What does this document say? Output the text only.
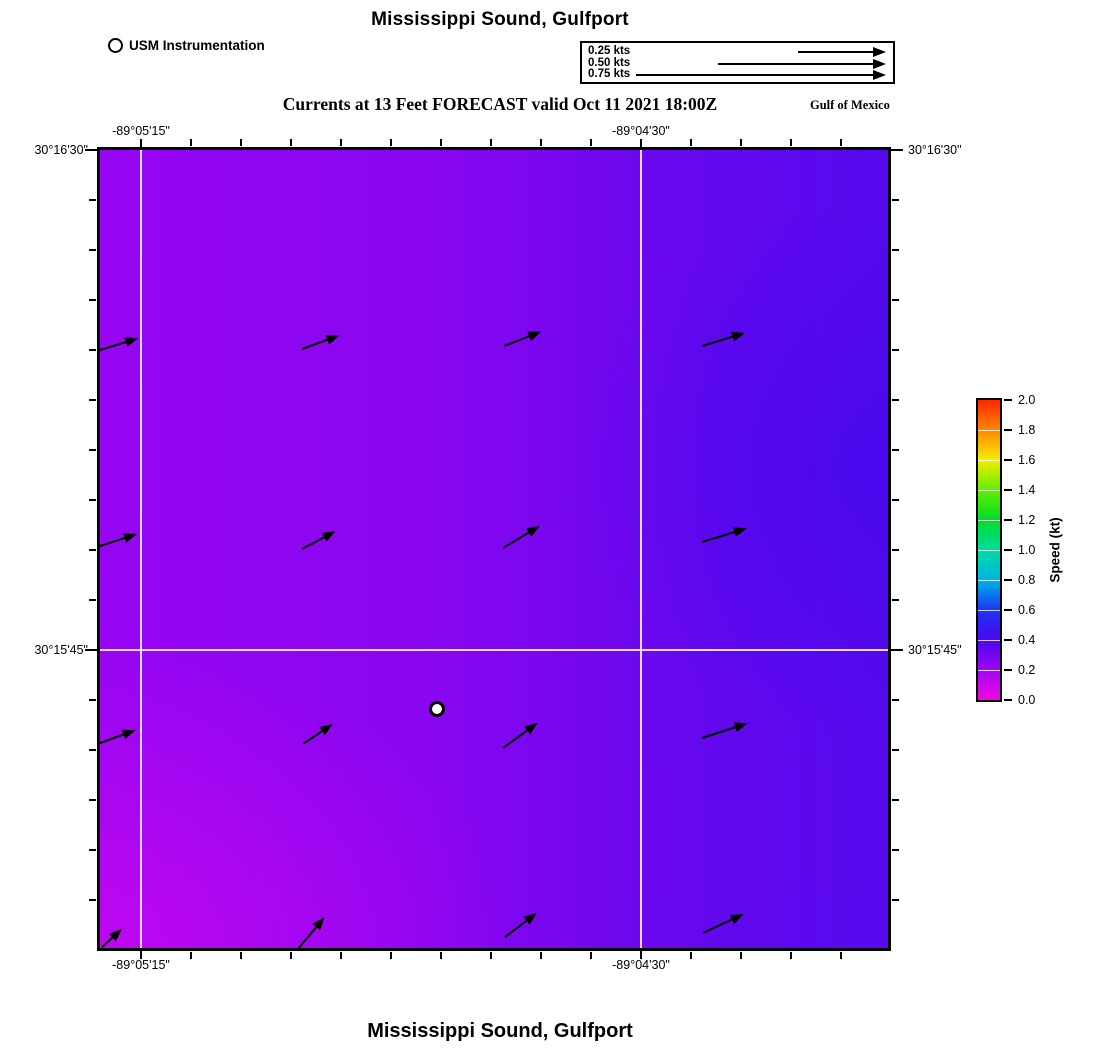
Mississippi Sound, Gulfport
USM Instrumentation	0.25 kts
0.50 kts
0.75 kts
Currents at 13 Feet FORECAST valid Oct 11 2021 18:00Z	Gulf of Mexico
-89°05'15"	-89°04'30"
-89°05'15"	-89°04'30"
30°16'30"
30°15'45"
30°16'30"
30°15'45"
0.0
0.2
0.4
0.6
0.8
1.0
1.2
1.4
1.6
1.8
2.0
Speed (kt)
Mississippi Sound, Gulfport
